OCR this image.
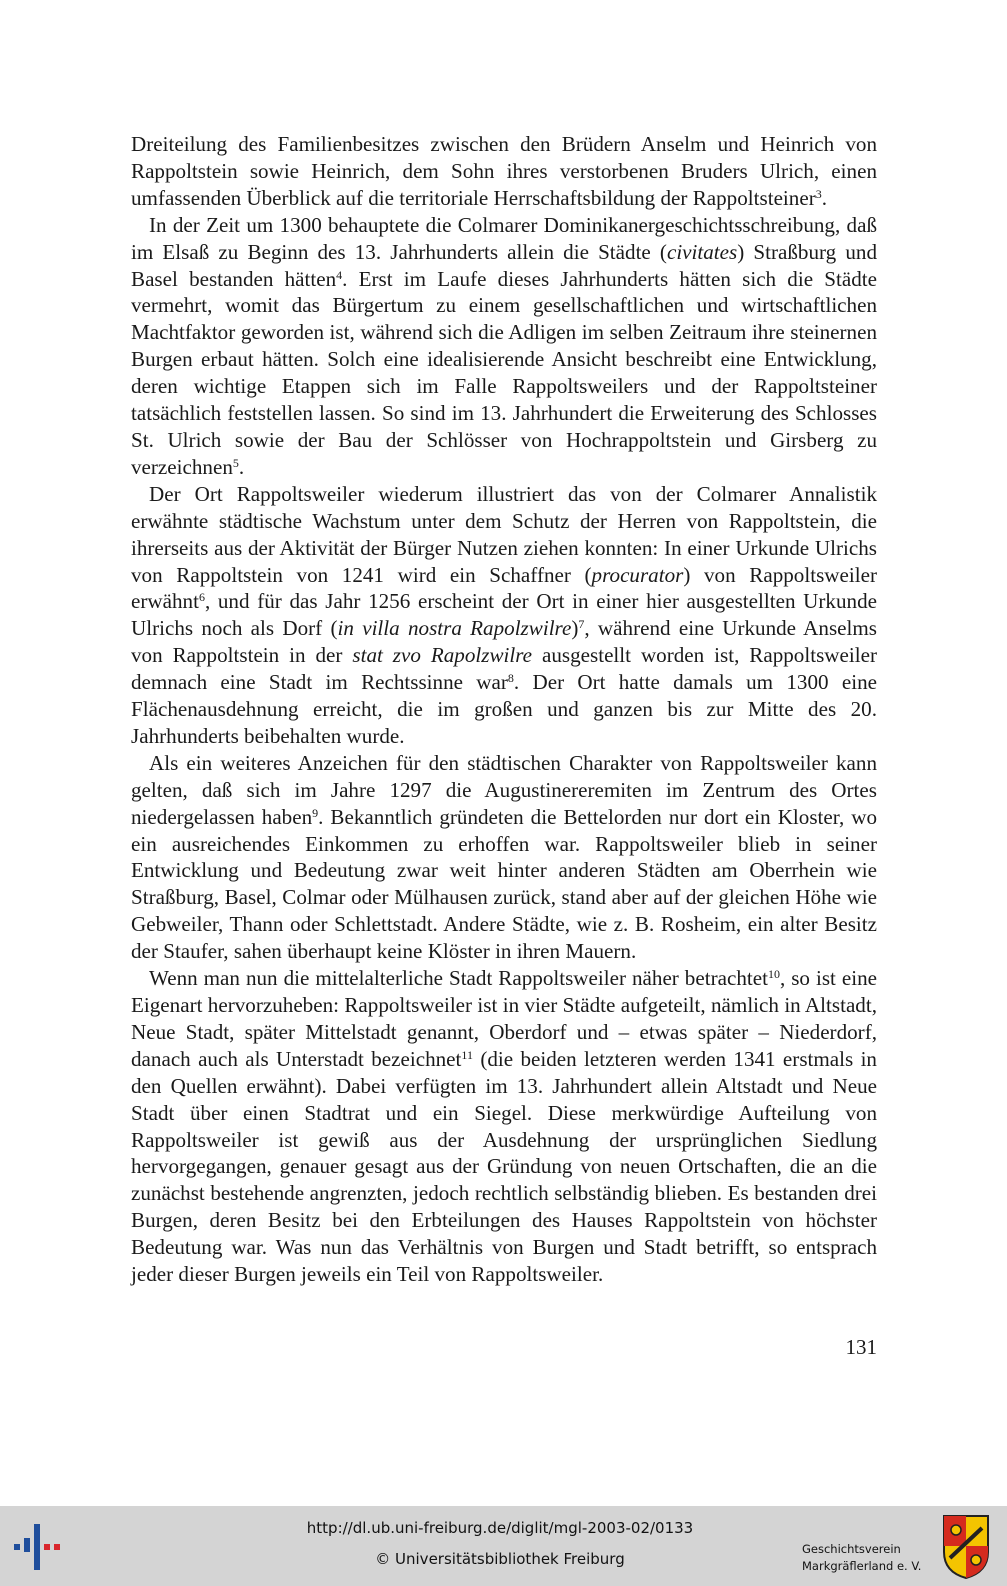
Dreiteilung des Familienbesitzes zwischen den Brüdern Anselm und Heinrich von Rappoltstein sowie Heinrich, dem Sohn ihres verstorbenen Bruders Ulrich, einen umfassenden Überblick auf die territoriale Herrschaftsbildung der Rappoltsteiner$^3$.

In der Zeit um 1300 behauptete die Colmarer Dominikanergeschichtsschreibung, daß im Elsaß zu Beginn des 13. Jahrhunderts allein die Städte (civitates) Straßburg und Basel bestanden hätten$^4$. Erst im Laufe dieses Jahrhunderts hätten sich die Städte vermehrt, womit das Bürgertum zu einem gesellschaftlichen und wirtschaftlichen Machtfaktor geworden ist, während sich die Adligen im selben Zeitraum ihre steinernen Burgen erbaut hätten. Solch eine idealisierende Ansicht beschreibt eine Entwicklung, deren wichtige Etappen sich im Falle Rappoltsweilers und der Rappoltsteiner tatsächlich feststellen lassen. So sind im 13. Jahrhundert die Erweiterung des Schlosses St. Ulrich sowie der Bau der Schlösser von Hochrappoltstein und Girsberg zu verzeichnen$^5$.

Der Ort Rappoltsweiler wiederum illustriert das von der Colmarer Annalistik erwähnte städtische Wachstum unter dem Schutz der Herren von Rappoltstein, die ihrerseits aus der Aktivität der Bürger Nutzen ziehen konnten: In einer Urkunde Ulrichs von Rappoltstein von 1241 wird ein Schaffner (procurator) von Rappoltsweiler erwähnt$^6$, und für das Jahr 1256 erscheint der Ort in einer hier ausgestellten Urkunde Ulrichs noch als Dorf (in villa nostra Rapolzwilre)$^7$, während eine Urkunde Anselms von Rappoltstein in der stat zvo Rapolzwilre ausgestellt worden ist, Rappoltsweiler demnach eine Stadt im Rechtssinne war$^8$. Der Ort hatte damals um 1300 eine Flächenausdehnung erreicht, die im großen und ganzen bis zur Mitte des 20. Jahrhunderts beibehalten wurde.

Als ein weiteres Anzeichen für den städtischen Charakter von Rappoltsweiler kann gelten, daß sich im Jahre 1297 die Augustinereremiten im Zentrum des Ortes niedergelassen haben$^9$. Bekanntlich gründeten die Bettelorden nur dort ein Kloster, wo ein ausreichendes Einkommen zu erhoffen war. Rappoltsweiler blieb in seiner Entwicklung und Bedeutung zwar weit hinter anderen Städten am Oberrhein wie Straßburg, Basel, Colmar oder Mülhausen zurück, stand aber auf der gleichen Höhe wie Gebweiler, Thann oder Schlettstadt. Andere Städte, wie z. B. Rosheim, ein alter Besitz der Staufer, sahen überhaupt keine Klöster in ihren Mauern.

Wenn man nun die mittelalterliche Stadt Rappoltsweiler näher betrachtet$^{10}$, so ist eine Eigenart hervorzuheben: Rappoltsweiler ist in vier Städte aufgeteilt, nämlich in Altstadt, Neue Stadt, später Mittelstadt genannt, Oberdorf und – etwas später – Niederdorf, danach auch als Unterstadt bezeichnet$^{11}$ (die beiden letzteren werden 1341 erstmals in den Quellen erwähnt). Dabei verfügten im 13. Jahrhundert allein Altstadt und Neue Stadt über einen Stadtrat und ein Siegel. Diese merkwürdige Aufteilung von Rappoltsweiler ist gewiß aus der Ausdehnung der ursprünglichen Siedlung hervorgegangen, genauer gesagt aus der Gründung von neuen Ortschaften, die an die zunächst bestehende angrenzten, jedoch rechtlich selbständig blieben. Es bestanden drei Burgen, deren Besitz bei den Erbteilungen des Hauses Rappoltstein von höchster Bedeutung war. Was nun das Verhältnis von Burgen und Stadt betrifft, so entsprach jeder dieser Burgen jeweils ein Teil von Rappoltsweiler.

131
http://dl.ub.uni-freiburg.de/diglit/mgl-2003-02/0133
© Universitätsbibliothek Freiburg
Geschichtsverein
Markgräflerland e. V.
